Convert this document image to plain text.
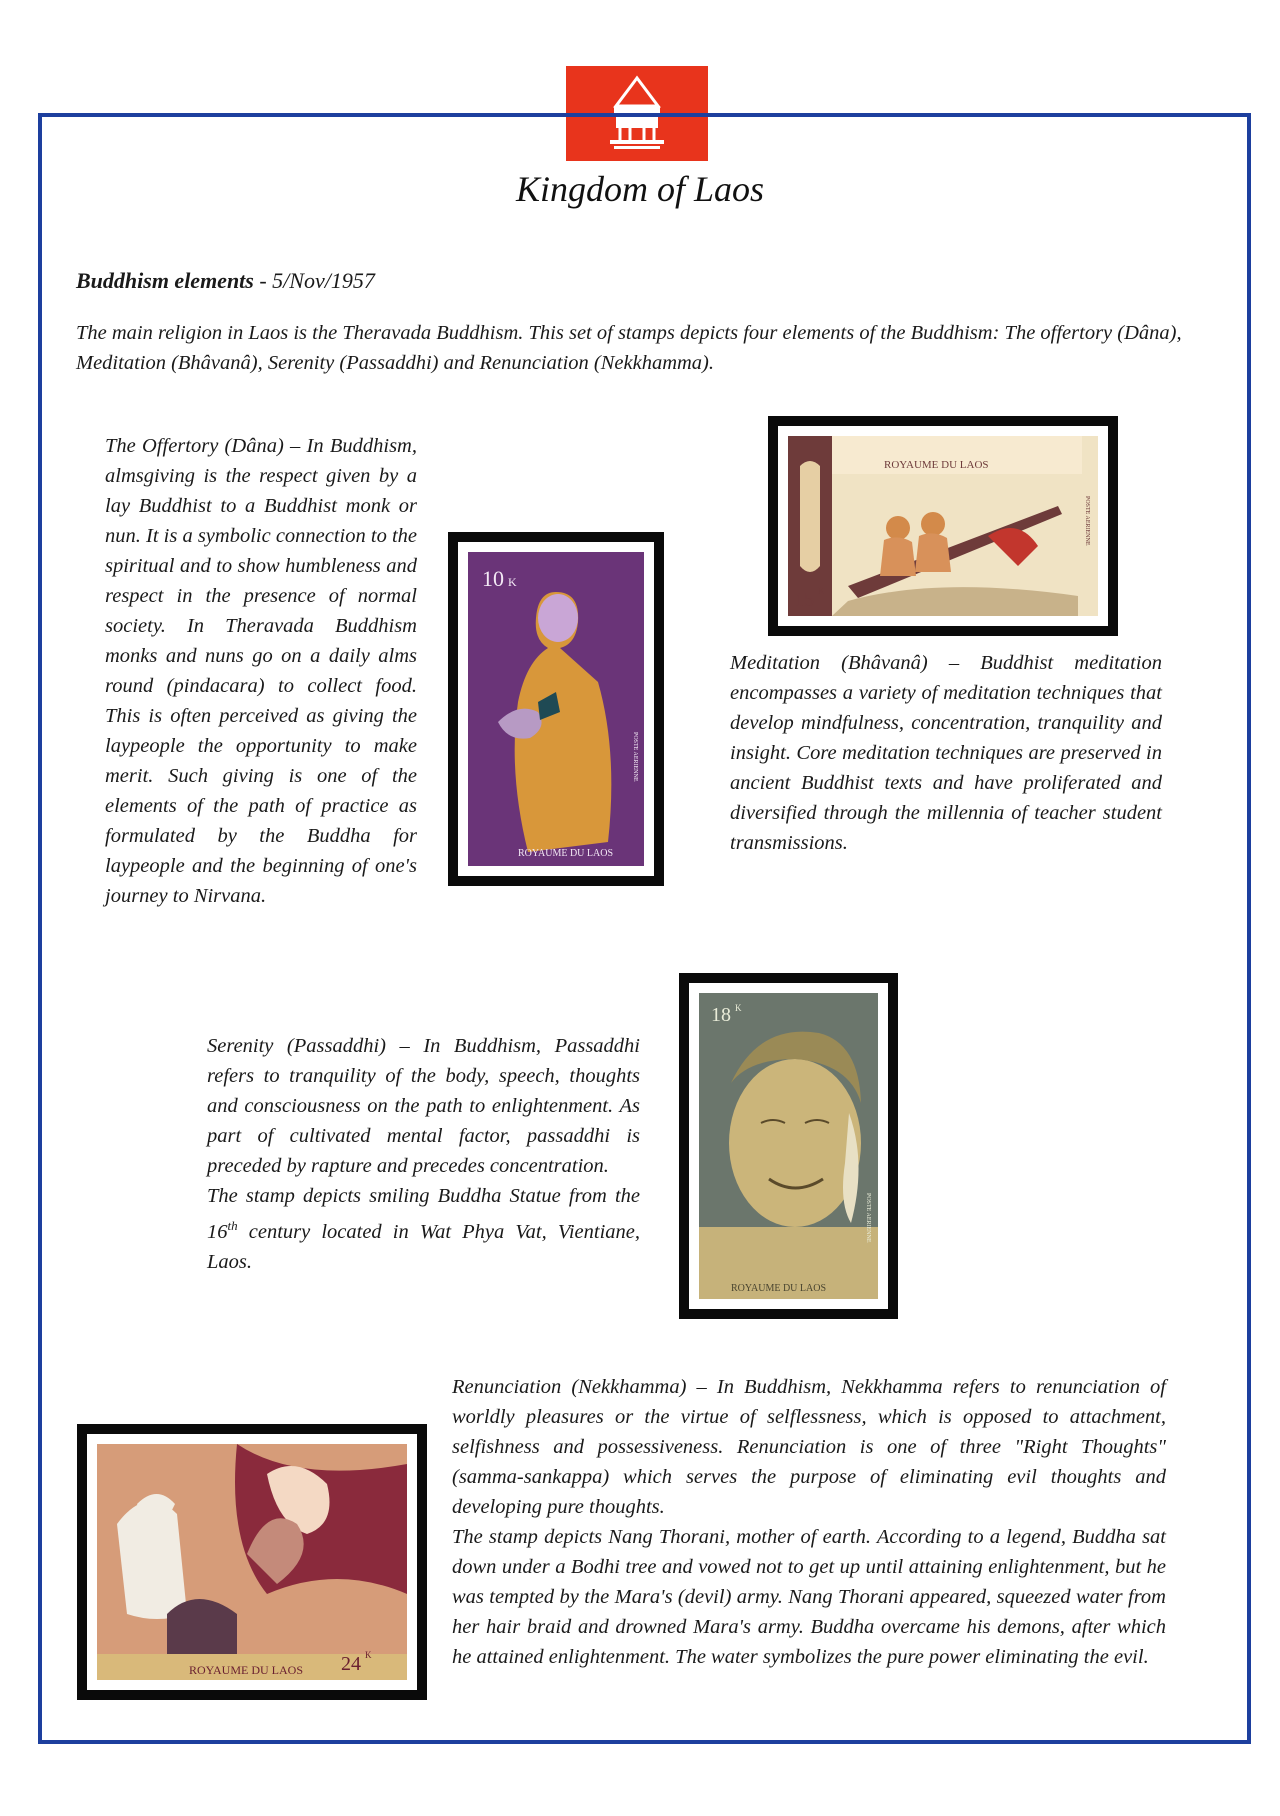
Kingdom of Laos
Buddhism elements - 5/Nov/1957
The main religion in Laos is the Theravada Buddhism. This set of stamps depicts four elements of the Buddhism: The offertory (Dâna), Meditation (Bhâvanâ), Serenity (Passaddhi) and Renunciation (Nekkhamma).
The Offertory (Dâna) – In Buddhism, almsgiving is the respect given by a lay Buddhist to a Buddhist monk or nun. It is a symbolic connection to the spiritual and to show humbleness and respect in the presence of normal society. In Theravada Buddhism monks and nuns go on a daily alms round (pindacara) to collect food. This is often perceived as giving the laypeople the opportunity to make merit. Such giving is one of the elements of the path of practice as formulated by the Buddha for laypeople and the beginning of one's journey to Nirvana.
10 K
ROYAUME DU LAOS
POSTE AERIENNE
ROYAUME DU LAOS
15 K
POSTE AERIENNE
Meditation (Bhâvanâ) – Buddhist meditation encompasses a variety of meditation techniques that develop mindfulness, concentration, tranquility and insight. Core meditation techniques are preserved in ancient Buddhist texts and have proliferated and diversified through the millennia of teacher student transmissions.
Serenity (Passaddhi) – In Buddhism, Passaddhi refers to tranquility of the body, speech, thoughts and consciousness on the path to enlightenment. As part of cultivated mental factor, passaddhi is preceded by rapture and precedes concentration.
The stamp depicts smiling Buddha Statue from the 16th century located in Wat Phya Vat, Vientiane, Laos.
18 K
ROYAUME DU LAOS
POSTE AERIENNE
ROYAUME DU LAOS 24 K
Renunciation (Nekkhamma) – In Buddhism, Nekkhamma refers to renunciation of worldly pleasures or the virtue of selflessness, which is opposed to attachment, selfishness and possessiveness. Renunciation is one of three "Right Thoughts" (samma-sankappa) which serves the purpose of eliminating evil thoughts and developing pure thoughts.
The stamp depicts Nang Thorani, mother of earth. According to a legend, Buddha sat down under a Bodhi tree and vowed not to get up until attaining enlightenment, but he was tempted by the Mara's (devil) army. Nang Thorani appeared, squeezed water from her hair braid and drowned Mara's army. Buddha overcame his demons, after which he attained enlightenment. The water symbolizes the pure power eliminating the evil.
